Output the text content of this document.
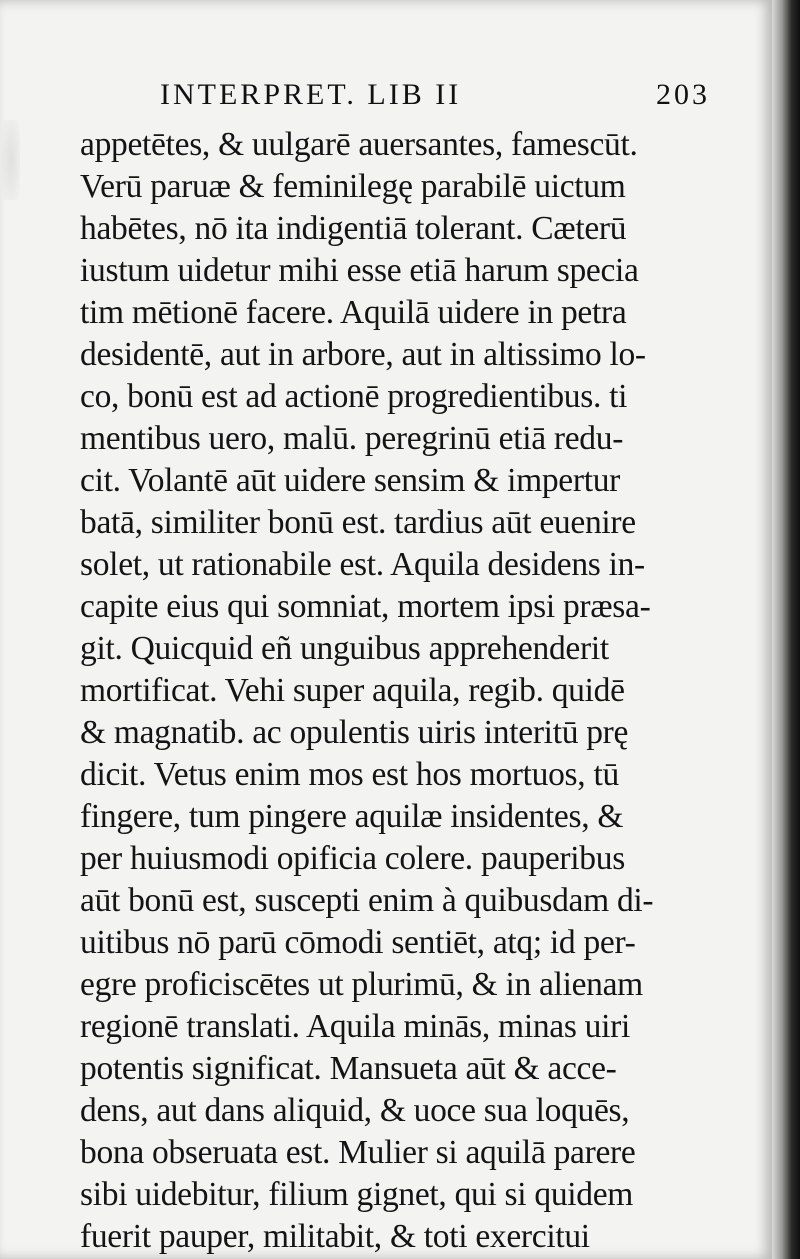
INTERPRET. LIB II	203
appetētes, & uulgarē auersantes, famescūt.
Verū paruæ & feminilegę parabilē uictum
habētes, nō ita indigentiā tolerant. Cæterū
iustum uidetur mihi esse etiā harum specia
tim mētionē facere. Aquilā uidere in petra
desidentē, aut in arbore, aut in altissimo lo-
co, bonū est ad actionē progredientibus. ti
mentibus uero, malū. peregrinū etiā redu-
cit. Volantē aūt uidere sensim & impertur
batā, similiter bonū est. tardius aūt euenire
solet, ut rationabile est. Aquila desidens in-
capite eius qui somniat, mortem ipsi præsa-
git. Quicquid eñ unguibus apprehenderit
mortificat. Vehi super aquila, regib. quidē
& magnatib. ac opulentis uiris interitū prę
dicit. Vetus enim mos est hos mortuos, tū
fingere, tum pingere aquilæ insidentes, &
per huiusmodi opificia colere. pauperibus
aūt bonū est, suscepti enim à quibusdam di-
uitibus nō parū cōmodi sentiēt, atq; id per-
egre proficiscētes ut plurimū, & in alienam
regionē translati. Aquila minās, minas uiri
potentis significat. Mansueta aūt & acce-
dens, aut dans aliquid, & uoce sua loquēs,
bona obseruata est. Mulier si aquilā parere
sibi uidebitur, filium gignet, qui si quidem
fuerit pauper, militabit, & toti exercitui
